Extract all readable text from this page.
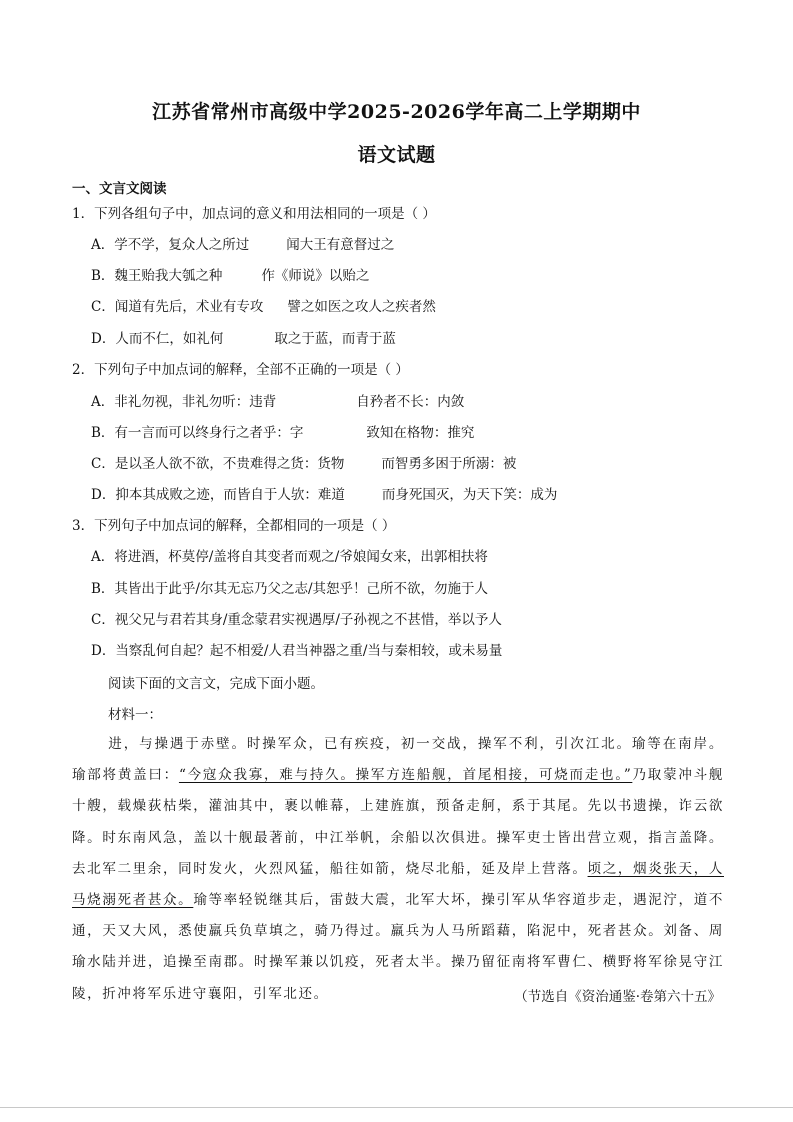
江苏省常州市高级中学2025-2026学年高二上学期期中
语文试题
一、文言文阅读
1．下列各组句子中，加点词的意义和用法相同的一项是（ ）
A．学不学，复众人之所过	闻大王有意督过之
B．魏王贻我大瓠之种	作《师说》以贻之
C．闻道有先后，术业有专攻 譬之如医之攻人之疾者然
D．人而不仁，如礼何	取之于蓝，而青于蓝
2．下列句子中加点词的解释，全部不正确的一项是（ ）
A．非礼勿视，非礼勿听：违背	自矜者不长：内敛
B．有一言而可以终身行之者乎：字	致知在格物：推究
C．是以圣人欲不欲，不贵难得之货：货物	而智勇多困于所溺：被
D．抑本其成败之迹，而皆自于人欤：难道	而身死国灭，为天下笑：成为
3．下列句子中加点词的解释，全都相同的一项是（ ）
A．将进酒，杯莫停/盖将自其变者而观之/爷娘闻女来，出郭相扶将
B．其皆出于此乎/尔其无忘乃父之志/其恕乎！己所不欲，勿施于人
C．视父兄与君若其身/重念蒙君实视遇厚/子孙视之不甚惜，举以予人
D．当察乱何自起？起不相爱/人君当神器之重/当与秦相较，或未易量
阅读下面的文言文，完成下面小题。
材料一：
进，与操遇于赤壁。时操军众，已有疾疫，初一交战，操军不利，引次江北。瑜等在南岸。瑜部将黄盖曰：“今寇众我寡，难与持久。操军方连船舰，首尾相接，可烧而走也。”乃取蒙冲斗舰十艘，载燥荻枯柴，灌油其中，裹以帷幕，上建旌旗，预备走舸，系于其尾。先以书遗操，诈云欲降。时东南风急，盖以十舰最著前，中江举帆，余船以次俱进。操军吏士皆出营立观，指言盖降。去北军二里余，同时发火，火烈风猛，船往如箭，烧尽北船，延及岸上营落。顷之，烟炎张天，人马烧溺死者甚众。瑜等率轻锐继其后，雷鼓大震，北军大坏，操引军从华容道步走，遇泥泞，道不通，天又大风，悉使羸兵负草填之，骑乃得过。羸兵为人马所蹈藉，陷泥中，死者甚众。刘备、周瑜水陆并进，追操至南郡。时操军兼以饥疫，死者太半。操乃留征南将军曹仁、横野将军徐晃守江陵，折冲将军乐进守襄阳，引军北还。	（节选自《资治通鉴·卷第六十五》
